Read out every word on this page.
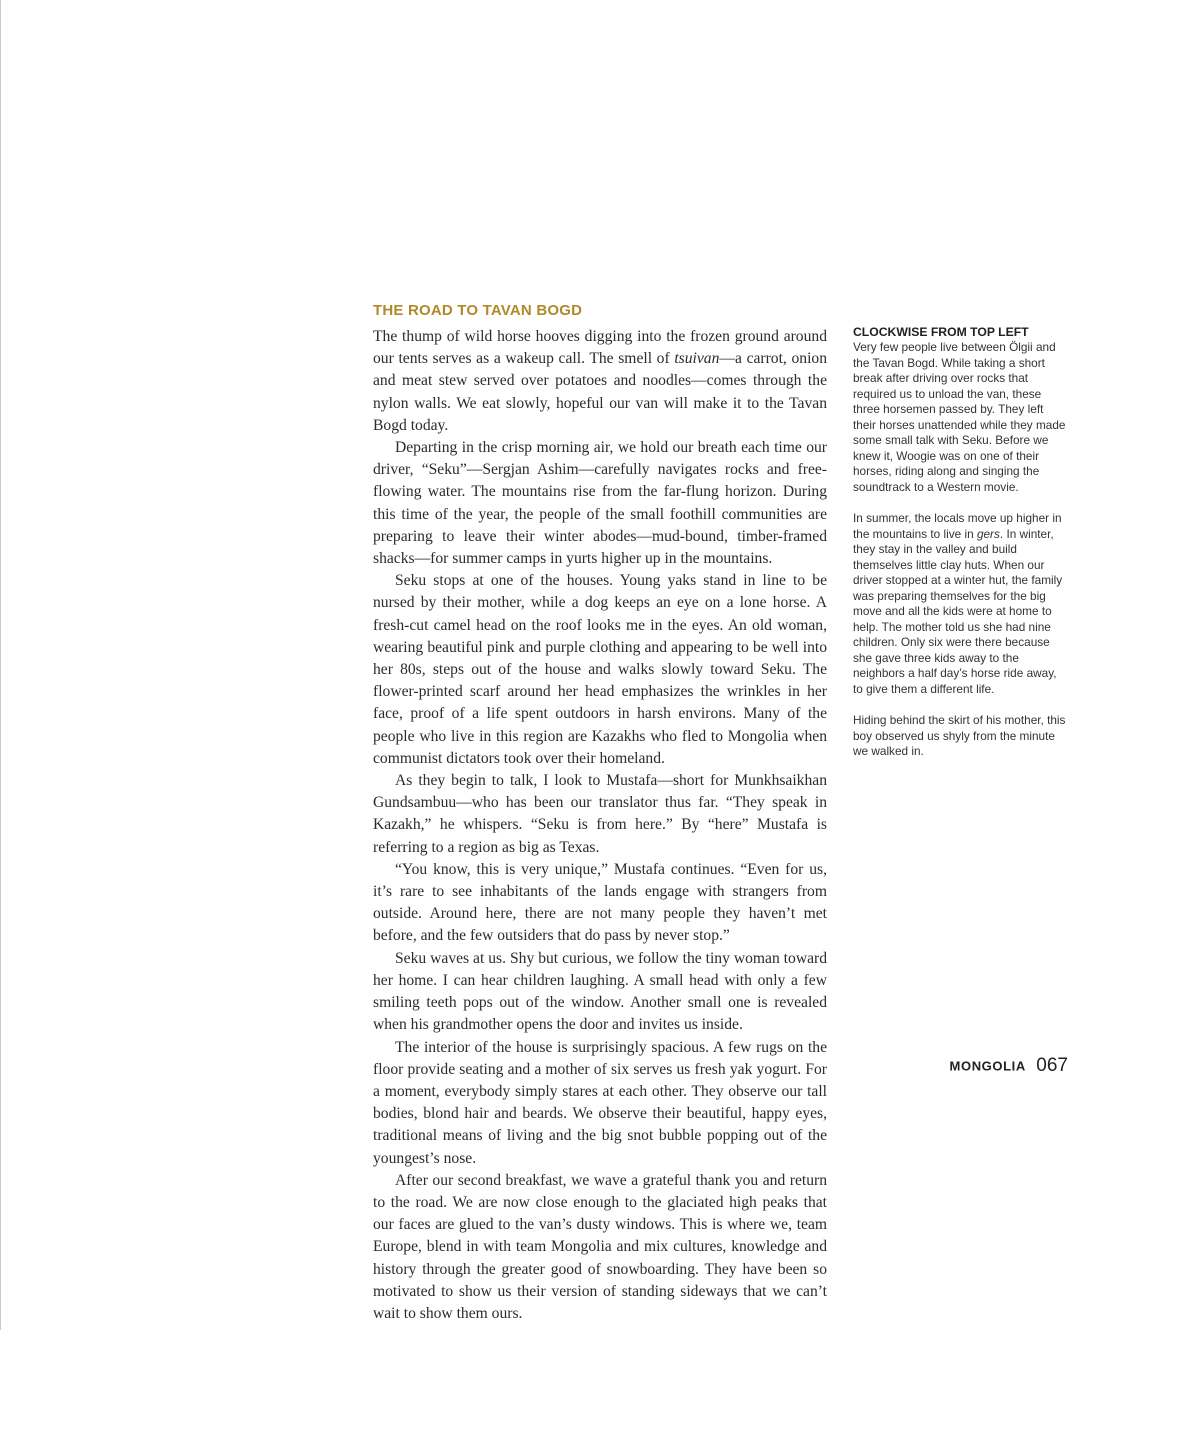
THE ROAD TO TAVAN BOGD

The thump of wild horse hooves digging into the frozen ground around our tents serves as a wakeup call. The smell of tsuivan—a carrot, onion and meat stew served over potatoes and noodles—comes through the nylon walls. We eat slowly, hopeful our van will make it to the Tavan Bogd today.

Departing in the crisp morning air, we hold our breath each time our driver, “Seku”—Sergjan Ashim—carefully navigates rocks and free-flowing water. The mountains rise from the far-flung horizon. During this time of the year, the people of the small foothill communities are preparing to leave their winter abodes—mud-bound, timber-framed shacks—for summer camps in yurts higher up in the mountains.

Seku stops at one of the houses. Young yaks stand in line to be nursed by their mother, while a dog keeps an eye on a lone horse. A fresh-cut camel head on the roof looks me in the eyes. An old woman, wearing beautiful pink and purple clothing and appearing to be well into her 80s, steps out of the house and walks slowly toward Seku. The flower-printed scarf around her head emphasizes the wrinkles in her face, proof of a life spent outdoors in harsh environs. Many of the people who live in this region are Kazakhs who fled to Mongolia when communist dictators took over their homeland.

As they begin to talk, I look to Mustafa—short for Munkhsaikhan Gundsambuu—who has been our translator thus far. “They speak in Kazakh,” he whispers. “Seku is from here.” By “here” Mustafa is referring to a region as big as Texas.

“You know, this is very unique,” Mustafa continues. “Even for us, it’s rare to see inhabitants of the lands engage with strangers from outside. Around here, there are not many people they haven’t met before, and the few outsiders that do pass by never stop.”

Seku waves at us. Shy but curious, we follow the tiny woman toward her home. I can hear children laughing. A small head with only a few smiling teeth pops out of the window. Another small one is revealed when his grandmother opens the door and invites us inside.

The interior of the house is surprisingly spacious. A few rugs on the floor provide seating and a mother of six serves us fresh yak yogurt. For a moment, everybody simply stares at each other. They observe our tall bodies, blond hair and beards. We observe their beautiful, happy eyes, traditional means of living and the big snot bubble popping out of the youngest’s nose.

After our second breakfast, we wave a grateful thank you and return to the road. We are now close enough to the glaciated high peaks that our faces are glued to the van’s dusty windows. This is where we, team Europe, blend in with team Mongolia and mix cultures, knowledge and history through the greater good of snowboarding. They have been so motivated to show us their version of standing sideways that we can’t wait to show them ours.

CLOCKWISE FROM TOP LEFT

Very few people live between Ölgii and the Tavan Bogd. While taking a short break after driving over rocks that required us to unload the van, these three horsemen passed by. They left their horses unattended while they made some small talk with Seku. Before we knew it, Woogie was on one of their horses, riding along and singing the soundtrack to a Western movie.

In summer, the locals move up higher in the mountains to live in gers. In winter, they stay in the valley and build themselves little clay huts. When our driver stopped at a winter hut, the family was preparing themselves for the big move and all the kids were at home to help. The mother told us she had nine children. Only six were there because she gave three kids away to the neighbors a half day’s horse ride away, to give them a different life.

Hiding behind the skirt of his mother, this boy observed us shyly from the minute we walked in.

MONGOLIA 067
